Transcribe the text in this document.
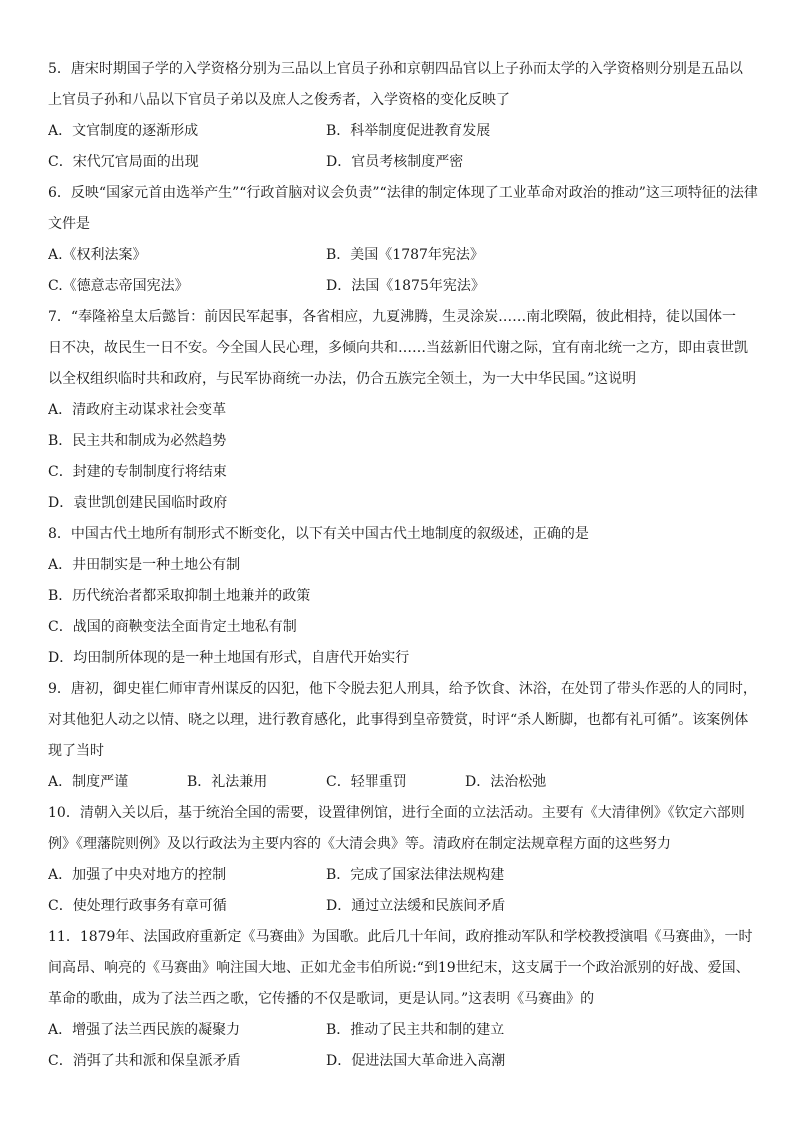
5．唐宋时期国子学的入学资格分别为三品以上官员子孙和京朝四品官以上子孙而太学的入学资格则分别是五品以
上官员子孙和八品以下官员子弟以及庶人之俊秀者，入学资格的变化反映了
A．文官制度的逐渐形成	B．科举制度促进教育发展
C．宋代冗官局面的出现	D．官员考核制度严密
6．反映“国家元首由选举产生”“行政首脑对议会负责”“法律的制定体现了工业革命对政治的推动”这三项特征的法律
文件是
A.《权利法案》	B．美国《1787年宪法》
C.《德意志帝国宪法》	D．法国《1875年宪法》
7．“奉隆裕皇太后懿旨：前因民军起事，各省相应，九夏沸腾，生灵涂炭……南北暌隔，彼此相持，徒以国体一
日不决，故民生一日不安。今全国人民心理，多倾向共和……当兹新旧代谢之际，宜有南北统一之方，即由袁世凯
以全权组织临时共和政府，与民军协商统一办法，仍合五族完全领土，为一大中华民国。”这说明
A．清政府主动谋求社会变革
B．民主共和制成为必然趋势
C．封建的专制制度行将结束
D．袁世凯创建民国临时政府
8．中国古代土地所有制形式不断变化，以下有关中国古代土地制度的叙级述，正确的是
A．井田制实是一种土地公有制
B．历代统治者都采取抑制土地兼并的政策
C．战国的商鞅变法全面肯定土地私有制
D．均田制所体现的是一种土地国有形式，自唐代开始实行
9．唐初，御史崔仁师审青州谋反的囚犯，他下令脱去犯人刑具，给予饮食、沐浴，在处罚了带头作恶的人的同时，
对其他犯人动之以情、晓之以理，进行教育感化，此事得到皇帝赞赏，时评“杀人断脚，也都有礼可循”。该案例体
现了当时
A．制度严谨	B．礼法兼用	C．轻罪重罚	D．法治松弛
10．清朝入关以后，基于统治全国的需要，设置律例馆，进行全面的立法活动。主要有《大清律例》《钦定六部则
例》《理藩院则例》及以行政法为主要内容的《大清会典》等。清政府在制定法规章程方面的这些努力
A．加强了中央对地方的控制	B．完成了国家法律法规构建
C．使处理行政事务有章可循	D．通过立法缓和民族间矛盾
11．1879年、法国政府重新定《马赛曲》为国歌。此后几十年间，政府推动军队和学校教授演唱《马赛曲》，一时
间高昂、响亮的《马赛曲》响注国大地、正如尤金韦伯所说:“到19世纪末，这支属于一个政治派别的好战、爱国、
革命的歌曲，成为了法兰西之歌，它传播的不仅是歌词，更是认同。”这表明《马赛曲》的
A．增强了法兰西民族的凝聚力	B．推动了民主共和制的建立
C．消弭了共和派和保皇派矛盾	D．促进法国大革命进入高潮
